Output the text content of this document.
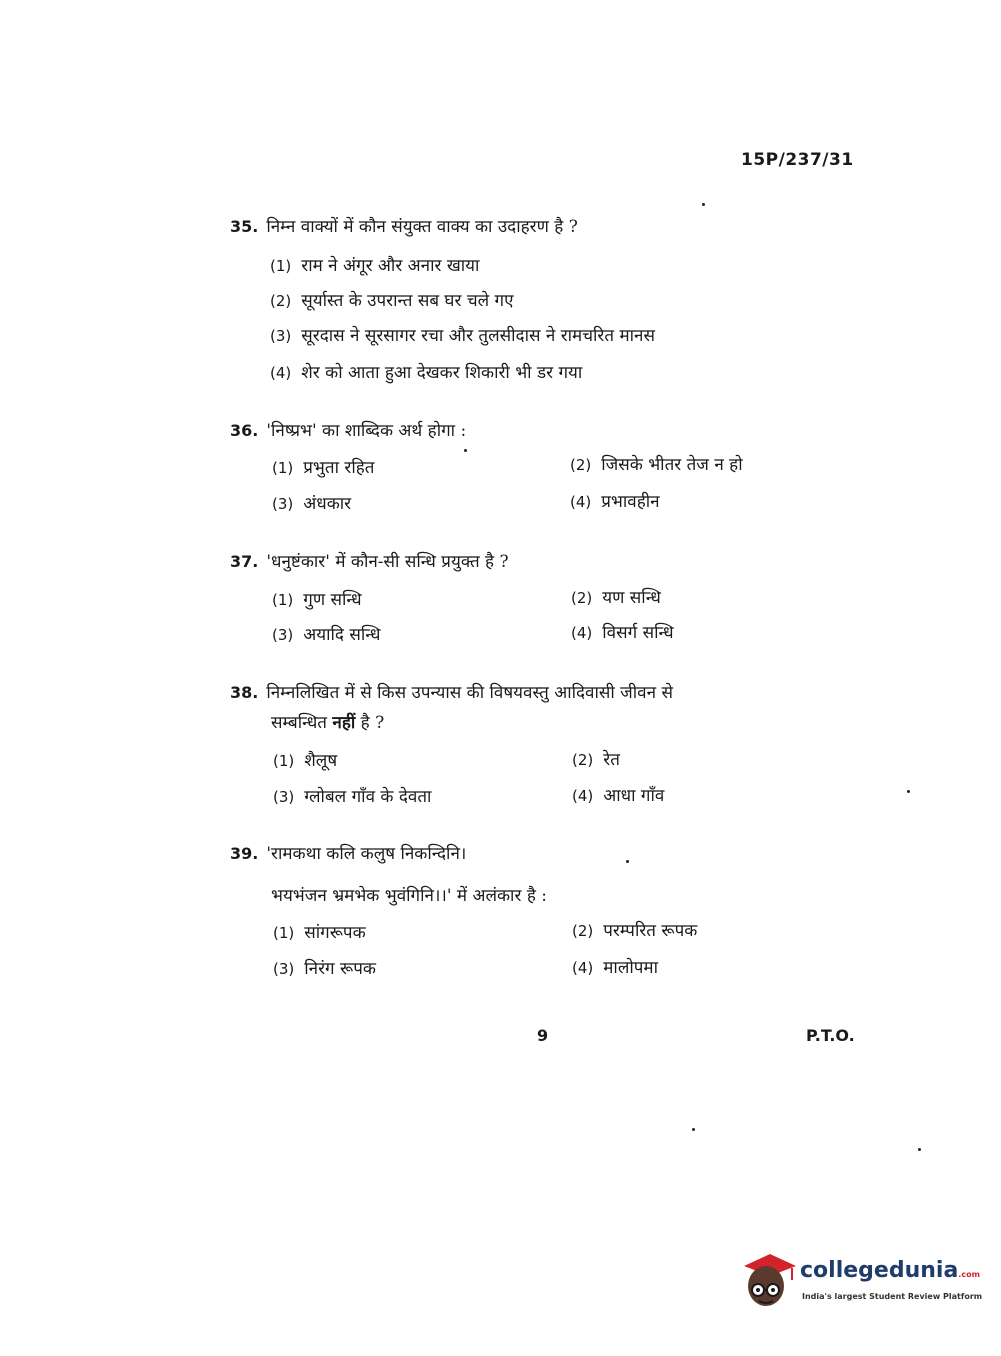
15P/237/31
35. निम्न वाक्यों में कौन संयुक्त वाक्य का उदाहरण है ?
(1) राम ने अंगूर और अनार खाया
(2) सूर्यास्त के उपरान्त सब घर चले गए
(3) सूरदास ने सूरसागर रचा और तुलसीदास ने रामचरित मानस
(4) शेर को आता हुआ देखकर शिकारी भी डर गया
36. 'निष्प्रभ' का शाब्दिक अर्थ होगा :
(1) प्रभुता रहित	(2) जिसके भीतर तेज न हो
(3) अंधकार	(4) प्रभावहीन
37. 'धनुष्टंकार' में कौन-सी सन्धि प्रयुक्त है ?
(1) गुण सन्धि	(2) यण सन्धि
(3) अयादि सन्धि	(4) विसर्ग सन्धि
38. निम्नलिखित में से किस उपन्यास की विषयवस्तु आदिवासी जीवन से
सम्बन्धित नहीं है ?
(1) शैलूष	(2) रेत
(3) ग्लोबल गाँव के देवता	(4) आधा गाँव
39. 'रामकथा कलि कलुष निकन्दिनि।
भयभंजन भ्रमभेक भुवंगिनि।।' में अलंकार है :
(1) सांगरूपक	(2) परम्परित रूपक
(3) निरंग रूपक	(4) मालोपमा
9	P.T.O.
collegedunia.com
India's largest Student Review Platform
